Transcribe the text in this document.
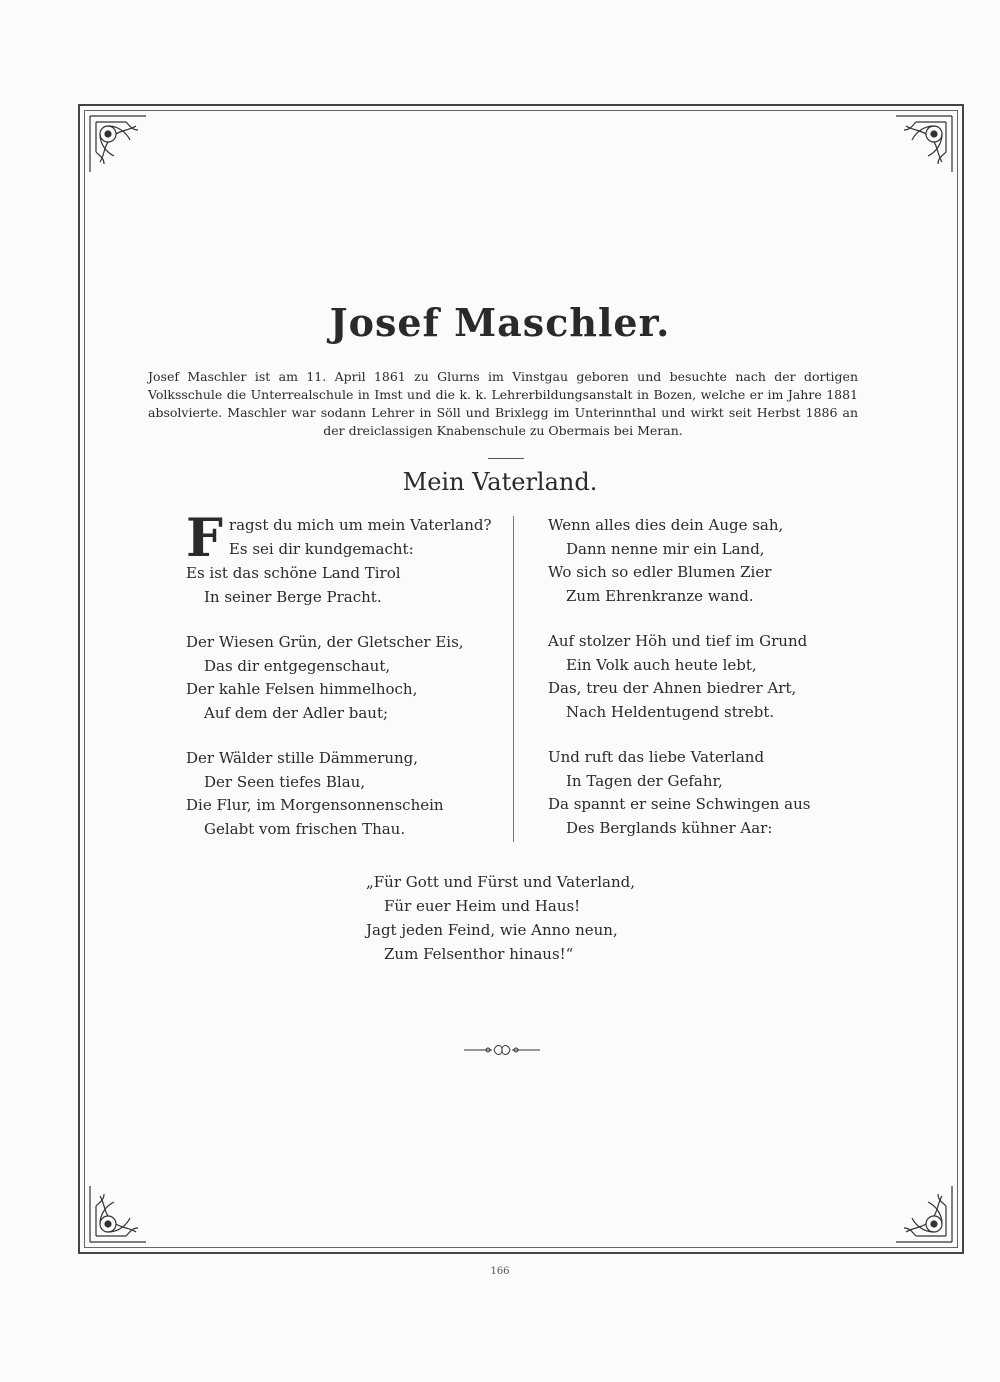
Josef Maschler.
Josef Maschler ist am 11. April 1861 zu Glurns im Vinstgau geboren und besuchte nach der dortigen Volksschule die Unterrealschule in Imst und die k. k. Lehrerbildungsanstalt in Bozen, welche er im Jahre 1881 absolvierte. Maschler war sodann Lehrer in Söll und Brixlegg im Unterinnthal und wirkt seit Herbst 1886 an der dreiclassigen Knabenschule zu Obermais bei Meran.
Mein Vaterland.
F ragst du mich um mein Vaterland?
Es sei dir kundgemacht:
Es ist das schöne Land Tirol
In seiner Berge Pracht.
Der Wiesen Grün, der Gletscher Eis,
Das dir entgegenschaut,
Der kahle Felsen himmelhoch,
Auf dem der Adler baut;
Der Wälder stille Dämmerung,
Der Seen tiefes Blau,
Die Flur, im Morgensonnenschein
Gelabt vom frischen Thau.
Wenn alles dies dein Auge sah,
Dann nenne mir ein Land,
Wo sich so edler Blumen Zier
Zum Ehrenkranze wand.
Auf stolzer Höh und tief im Grund
Ein Volk auch heute lebt,
Das, treu der Ahnen biedrer Art,
Nach Heldentugend strebt.
Und ruft das liebe Vaterland
In Tagen der Gefahr,
Da spannt er seine Schwingen aus
Des Berglands kühner Aar:
„Für Gott und Fürst und Vaterland,
Für euer Heim und Haus!
Jagt jeden Feind, wie Anno neun,
Zum Felsenthor hinaus!“
166
